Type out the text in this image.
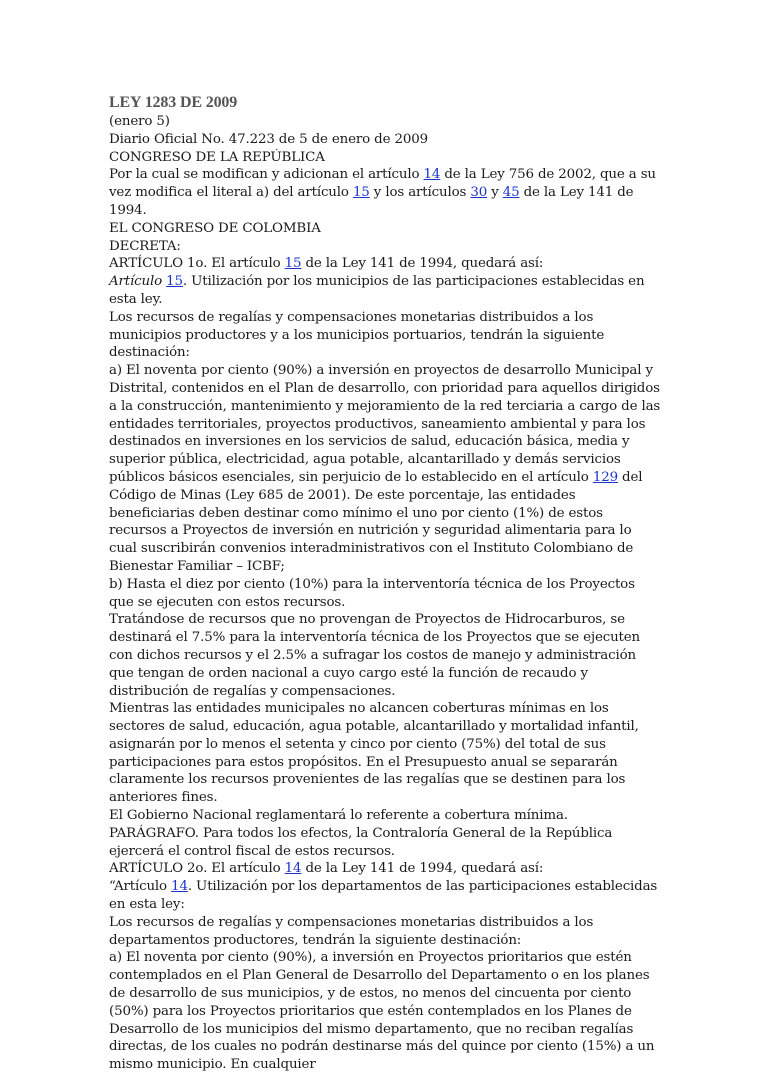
LEY 1283 DE 2009

(enero 5)

Diario Oficial No. 47.223 de 5 de enero de 2009

CONGRESO DE LA REPÚBLICA

Por la cual se modifican y adicionan el artículo 14 de la Ley 756 de 2002, que a su vez modifica el literal a) del artículo 15 y los artículos 30 y 45 de la Ley 141 de 1994.

EL CONGRESO DE COLOMBIA

DECRETA:

ARTÍCULO 1o. El artículo 15 de la Ley 141 de 1994, quedará así:

Artículo 15. Utilización por los municipios de las participaciones establecidas en esta ley.

Los recursos de regalías y compensaciones monetarias distribuidos a los municipios productores y a los municipios portuarios, tendrán la siguiente destinación:

a) El noventa por ciento (90%) a inversión en proyectos de desarrollo Municipal y Distrital, contenidos en el Plan de desarrollo, con prioridad para aquellos dirigidos a la construcción, mantenimiento y mejoramiento de la red terciaria a cargo de las entidades territoriales, proyectos productivos, saneamiento ambiental y para los destinados en inversiones en los servicios de salud, educación básica, media y superior pública, electricidad, agua potable, alcantarillado y demás servicios públicos básicos esenciales, sin perjuicio de lo establecido en el artículo 129 del Código de Minas (Ley 685 de 2001). De este porcentaje, las entidades beneficiarias deben destinar como mínimo el uno por ciento (1%) de estos recursos a Proyectos de inversión en nutrición y seguridad alimentaria para lo cual suscribirán convenios interadministrativos con el Instituto Colombiano de Bienestar Familiar – ICBF;

b) Hasta el diez por ciento (10%) para la interventoría técnica de los Proyectos que se ejecuten con estos recursos.

Tratándose de recursos que no provengan de Proyectos de Hidrocarburos, se destinará el 7.5% para la interventoría técnica de los Proyectos que se ejecuten con dichos recursos y el 2.5% a sufragar los costos de manejo y administración que tengan de orden nacional a cuyo cargo esté la función de recaudo y distribución de regalías y compensaciones.

Mientras las entidades municipales no alcancen coberturas mínimas en los sectores de salud, educación, agua potable, alcantarillado y mortalidad infantil, asignarán por lo menos el setenta y cinco por ciento (75%) del total de sus participaciones para estos propósitos. En el Presupuesto anual se separarán claramente los recursos provenientes de las regalías que se destinen para los anteriores fines.

El Gobierno Nacional reglamentará lo referente a cobertura mínima.

PARÁGRAFO. Para todos los efectos, la Contraloría General de la República ejercerá el control fiscal de estos recursos.

ARTÍCULO 2o. El artículo 14 de la Ley 141 de 1994, quedará así:

“Artículo 14. Utilización por los departamentos de las participaciones establecidas en esta ley:

Los recursos de regalías y compensaciones monetarias distribuidos a los departamentos productores, tendrán la siguiente destinación:

a) El noventa por ciento (90%), a inversión en Proyectos prioritarios que estén contemplados en el Plan General de Desarrollo del Departamento o en los planes de desarrollo de sus municipios, y de estos, no menos del cincuenta por ciento (50%) para los Proyectos prioritarios que estén contemplados en los Planes de Desarrollo de los municipios del mismo departamento, que no reciban regalías directas, de los cuales no podrán destinarse más del quince por ciento (15%) a un mismo municipio. En cualquier
